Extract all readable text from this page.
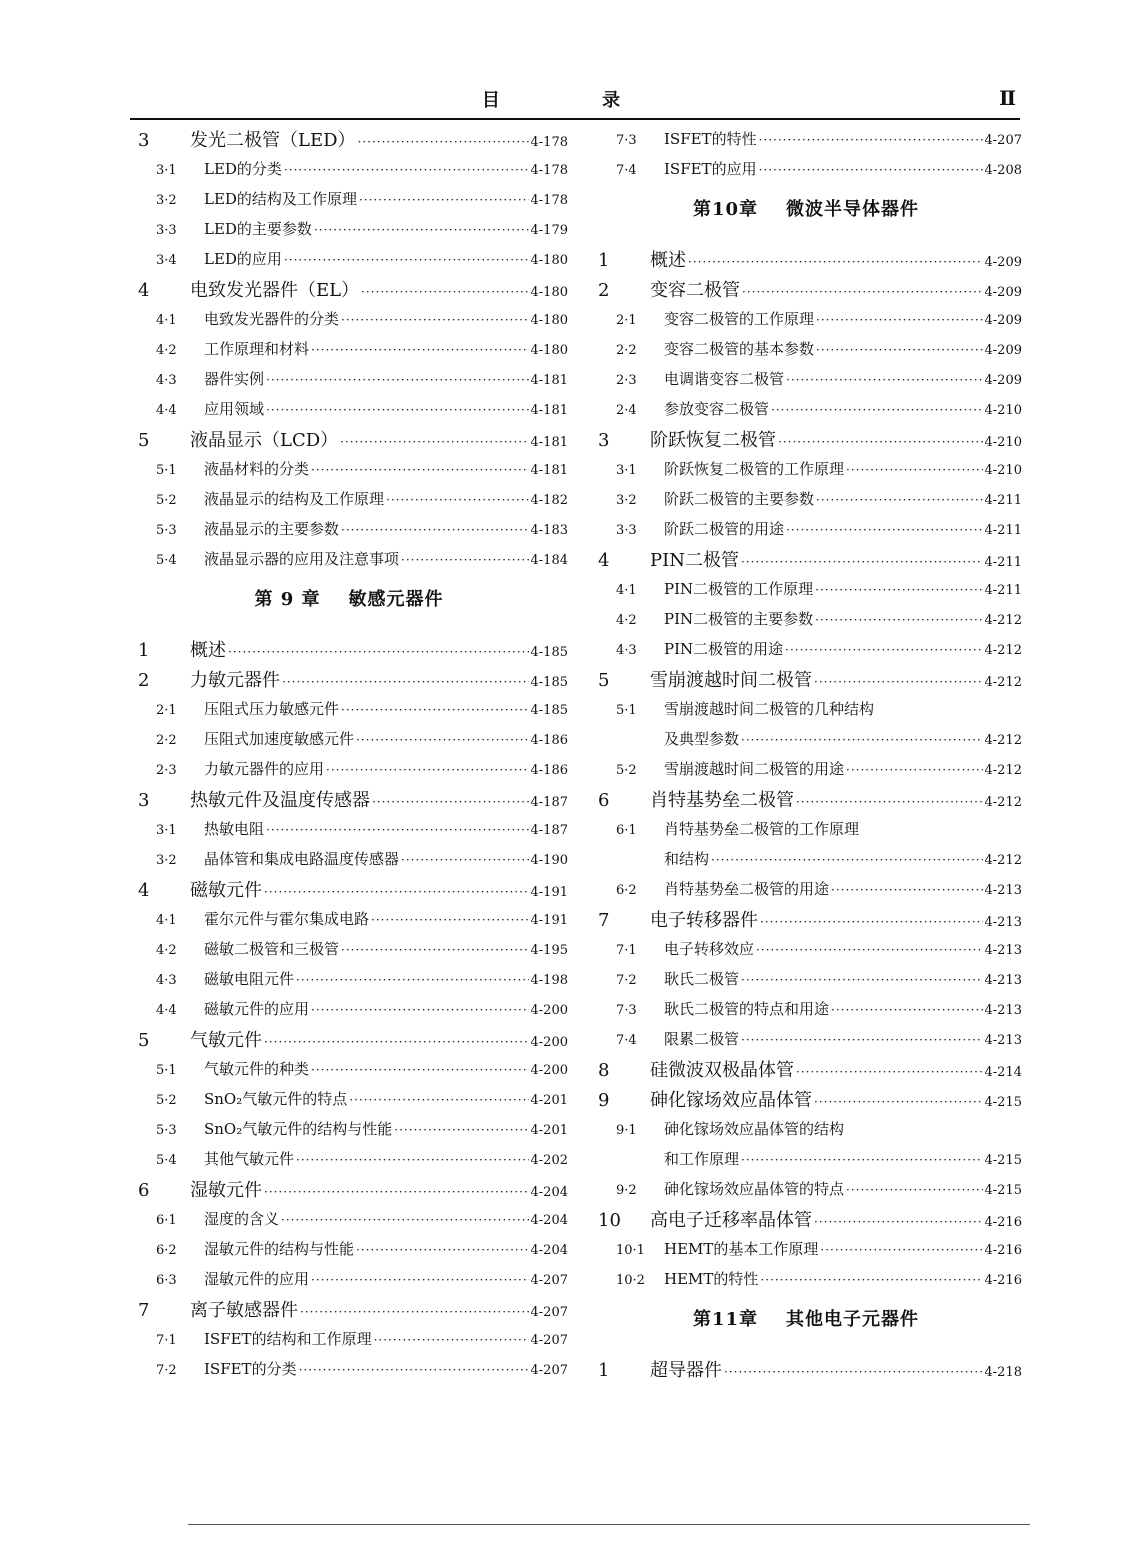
目 录	Ⅱ
3	发光二极管（LED） ·····	4-178
3·1	LED的分类 ·····	4-178
3·2	LED的结构及工作原理 ·····	4-178
3·3	LED的主要参数 ·····	4-179
3·4	LED的应用 ·····	4-180
4	电致发光器件（EL） ·····	4-180
4·1	电致发光器件的分类 ·····	4-180
4·2	工作原理和材料 ·····	4-180
4·3	器件实例 ·····	4-181
4·4	应用领域 ·····	4-181
5	液晶显示（LCD） ·····	4-181
5·1	液晶材料的分类 ·····	4-181
5·2	液晶显示的结构及工作原理 ·····	4-182
5·3	液晶显示的主要参数 ·····	4-183
5·4	液晶显示器的应用及注意事项 ·····	4-184
第 9 章 敏感元器件
1	概述 ·····	4-185
2	力敏元器件 ·····	4-185
2·1	压阻式压力敏感元件 ·····	4-185
2·2	压阻式加速度敏感元件 ·····	4-186
2·3	力敏元器件的应用 ·····	4-186
3	热敏元件及温度传感器 ·····	4-187
3·1	热敏电阻 ·····	4-187
3·2	晶体管和集成电路温度传感器 ·····	4-190
4	磁敏元件 ·····	4-191
4·1	霍尔元件与霍尔集成电路 ·····	4-191
4·2	磁敏二极管和三极管 ·····	4-195
4·3	磁敏电阻元件 ·····	4-198
4·4	磁敏元件的应用 ·····	4-200
5	气敏元件 ·····	4-200
5·1	气敏元件的种类 ·····	4-200
5·2	SnO₂气敏元件的特点 ·····	4-201
5·3	SnO₂气敏元件的结构与性能 ·····	4-201
5·4	其他气敏元件 ·····	4-202
6	湿敏元件 ·····	4-204
6·1	湿度的含义 ·····	4-204
6·2	湿敏元件的结构与性能 ·····	4-204
6·3	湿敏元件的应用 ·····	4-207
7	离子敏感器件 ·····	4-207
7·1	ISFET的结构和工作原理 ·····	4-207
7·2	ISFET的分类 ·····	4-207
7·3	ISFET的特性 ·····	4-207
7·4	ISFET的应用 ·····	4-208
第10章 微波半导体器件
1	概述 ·····	4-209
2	变容二极管 ·····	4-209
2·1	变容二极管的工作原理 ·····	4-209
2·2	变容二极管的基本参数 ·····	4-209
2·3	电调谐变容二极管 ·····	4-209
2·4	参放变容二极管 ·····	4-210
3	阶跃恢复二极管 ·····	4-210
3·1	阶跃恢复二极管的工作原理 ·····	4-210
3·2	阶跃二极管的主要参数 ·····	4-211
3·3	阶跃二极管的用途 ·····	4-211
4	PIN二极管 ·····	4-211
4·1	PIN二极管的工作原理 ·····	4-211
4·2	PIN二极管的主要参数 ·····	4-212
4·3	PIN二极管的用途 ·····	4-212
5	雪崩渡越时间二极管 ·····	4-212
5·1	雪崩渡越时间二极管的几种结构
及典型参数 ·····	4-212
5·2	雪崩渡越时间二极管的用途 ·····	4-212
6	肖特基势垒二极管 ·····	4-212
6·1	肖特基势垒二极管的工作原理
和结构 ·····	4-212
6·2	肖特基势垒二极管的用途 ·····	4-213
7	电子转移器件 ·····	4-213
7·1	电子转移效应 ·····	4-213
7·2	耿氏二极管 ·····	4-213
7·3	耿氏二极管的特点和用途 ·····	4-213
7·4	限累二极管 ·····	4-213
8	硅微波双极晶体管 ·····	4-214
9	砷化镓场效应晶体管 ·····	4-215
9·1	砷化镓场效应晶体管的结构
和工作原理 ·····	4-215
9·2	砷化镓场效应晶体管的特点 ·····	4-215
10	高电子迁移率晶体管 ·····	4-216
10·1	HEMT的基本工作原理 ·····	4-216
10·2	HEMT的特性 ·····	4-216
第11章 其他电子元器件
1	超导器件 ·····	4-218
